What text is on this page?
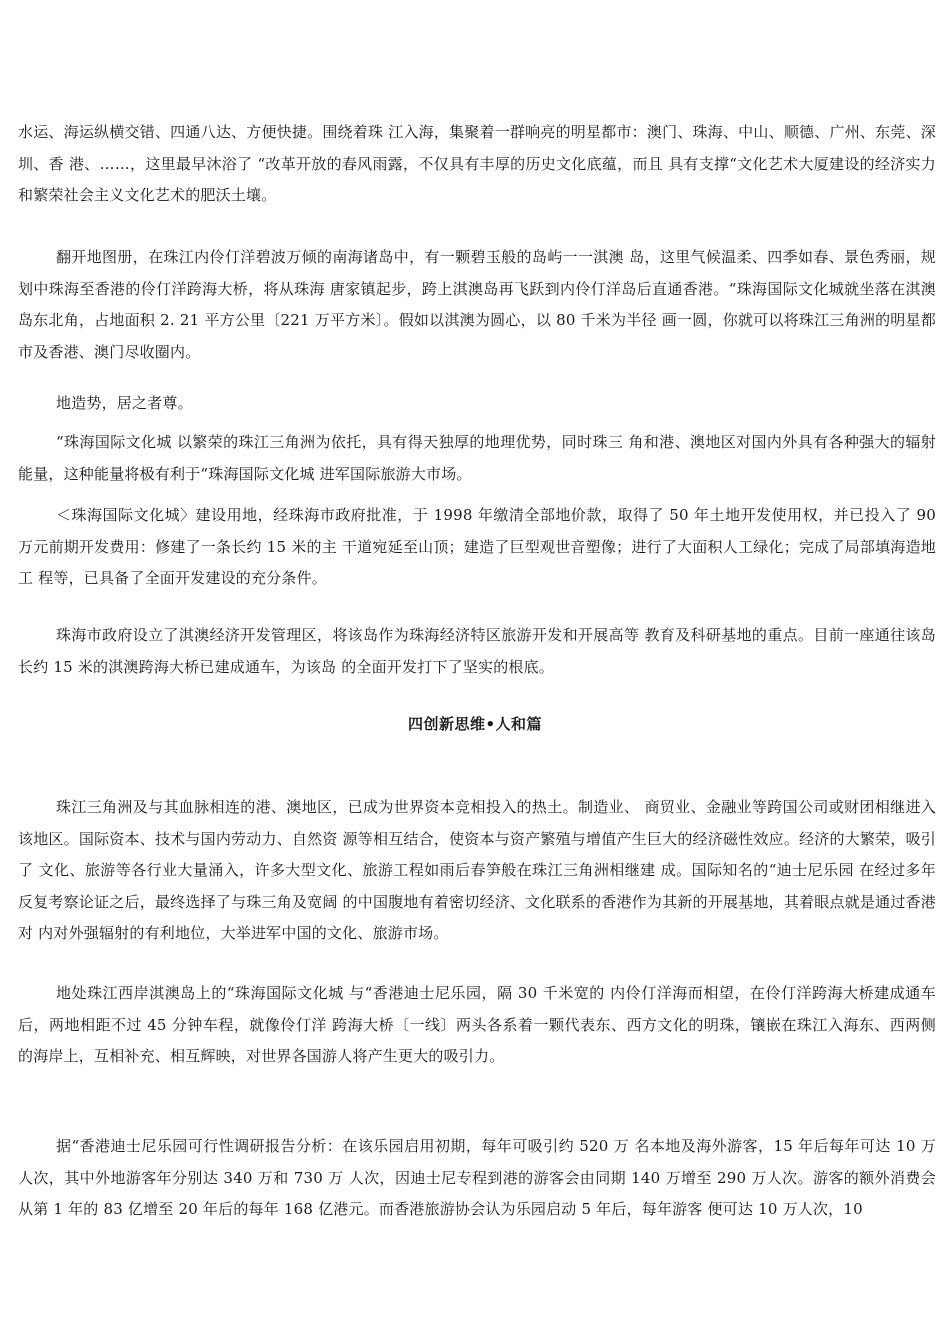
水运、海运纵横交错、四通八达、方便快捷。围绕着珠 江入海，集聚着一群响亮的明星都市：澳门、珠海、中山、顺德、广州、东莞、深圳、香 港、……，这里最早沐浴了 “改革开放的春风雨露，不仅具有丰厚的历史文化底蕴，而且 具有支撑“文化艺术大厦建设的经济实力和繁荣社会主义文化艺术的肥沃土壤。

翻开地图册，在珠江内伶仃洋碧波万倾的南海诸岛中，有一颗碧玉般的岛屿一一淇澳 岛，这里气候温柔、四季如春、景色秀丽，规划中珠海至香港的伶仃洋跨海大桥，将从珠海 唐家镇起步，跨上淇澳岛再飞跃到内伶仃洋岛后直通香港。“珠海国际文化城就坐落在淇澳 岛东北角，占地面积 2. 21 平方公里〔221 万平方米〕。假如以淇澳为圆心，以 80 千米为半径 画一圆，你就可以将珠江三角洲的明星都市及香港、澳门尽收圈内。

地造势，居之者尊。

“珠海国际文化城 以繁荣的珠江三角洲为依托，具有得天独厚的地理优势，同时珠三 角和港、澳地区对国内外具有各种强大的辐射能量，这种能量将极有利于“珠海国际文化城 进军国际旅游大市场。

＜珠海国际文化城〉建设用地，经珠海市政府批准，于 1998 年缴清全部地价款，取得了 50 年土地开发使用权，并已投入了 90 万元前期开发费用：修建了一条长约 15 米的主 干道宛延至山顶；建造了巨型观世音塑像；进行了大面积人工绿化；完成了局部填海造地工 程等，已具备了全面开发建设的充分条件。

珠海市政府设立了淇澳经济开发管理区，将该岛作为珠海经济特区旅游开发和开展高等 教育及科研基地的重点。目前一座通往该岛长约 15 米的淇澳跨海大桥已建成通车，为该岛 的全面开发打下了坚实的根底。

四创新思维•人和篇

珠江三角洲及与其血脉相连的港、澳地区，已成为世界资本竞相投入的热土。制造业、 商贸业、金融业等跨国公司或财团相继进入该地区。国际资本、技术与国内劳动力、自然资 源等相互结合，使资本与资产繁殖与增值产生巨大的经济磁性效应。经济的大繁荣，吸引了 文化、旅游等各行业大量涌入，许多大型文化、旅游工程如雨后春笋般在珠江三角洲相继建 成。国际知名的“迪士尼乐园 在经过多年反复考察论证之后，最终选择了与珠三角及宽阔 的中国腹地有着密切经济、文化联系的香港作为其新的开展基地，其着眼点就是通过香港对 内对外强辐射的有利地位，大举进军中国的文化、旅游市场。

地处珠江西岸淇澳岛上的“珠海国际文化城 与“香港迪士尼乐园，隔 30 千米宽的 内伶仃洋海而相望，在伶仃洋跨海大桥建成通车后，两地相距不过 45 分钟车程，就像伶仃洋 跨海大桥〔一线〕两头各系着一颗代表东、西方文化的明珠，镶嵌在珠江入海东、西两侧 的海岸上，互相补充、相互辉映，对世界各国游人将产生更大的吸引力。

据“香港迪士尼乐园可行性调研报告分析：在该乐园启用初期，每年可吸引约 520 万 名本地及海外游客，15 年后每年可达 10 万人次，其中外地游客年分别达 340 万和 730 万 人次，因迪士尼专程到港的游客会由同期 140 万增至 290 万人次。游客的额外消费会从第 1 年的 83 亿增至 20 年后的每年 168 亿港元。而香港旅游协会认为乐园启动 5 年后，每年游客 便可达 10 万人次，10
